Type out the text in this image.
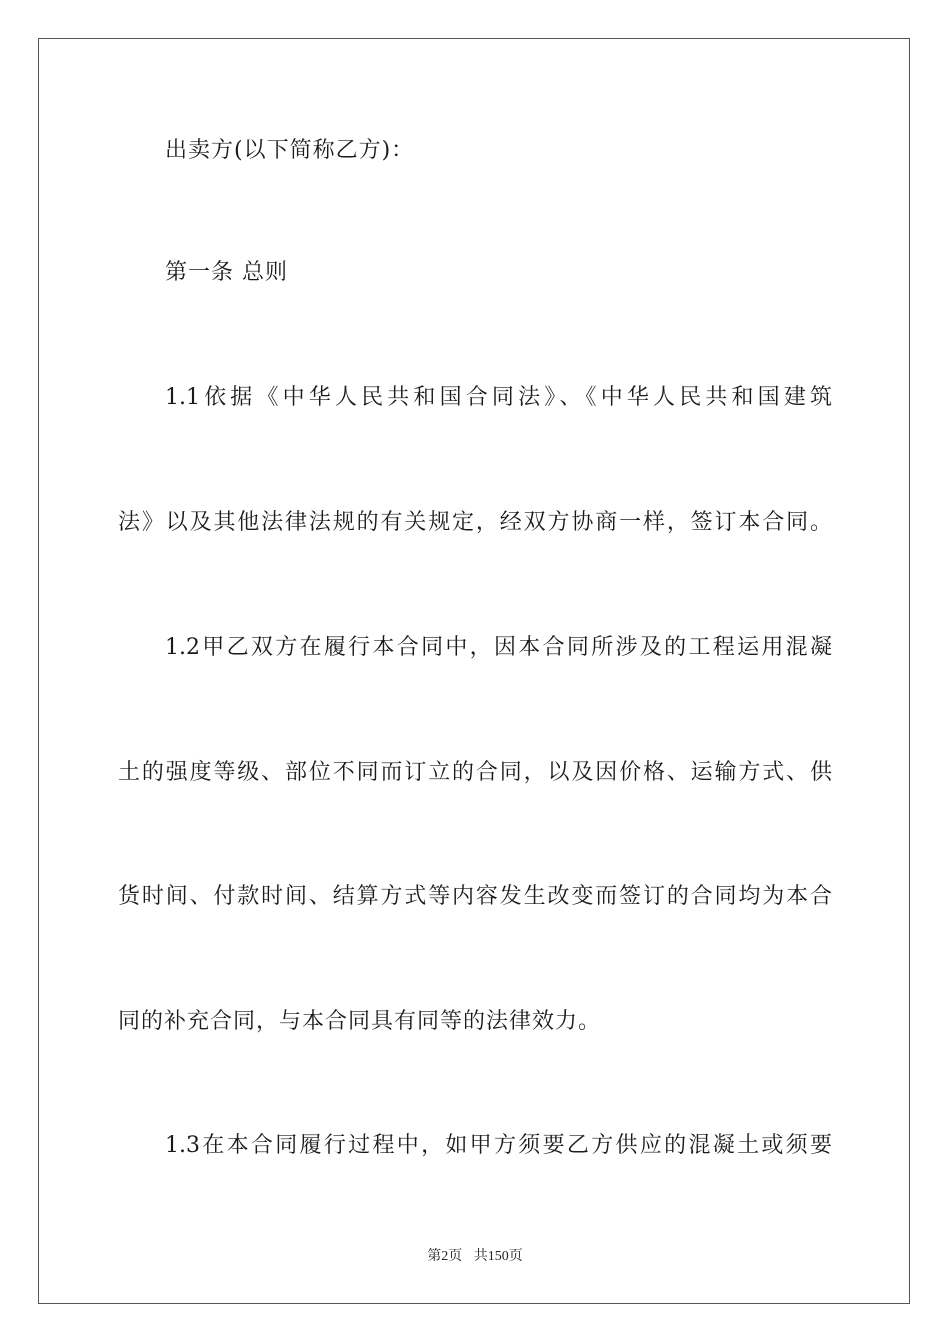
出卖方(以下简称乙方)：
第一条 总则
1.1依据《中华人民共和国合同法》、《中华人民共和国建筑
法》以及其他法律法规的有关规定，经双方协商一样，签订本合同。
1.2甲乙双方在履行本合同中，因本合同所涉及的工程运用混凝
土的强度等级、部位不同而订立的合同，以及因价格、运输方式、供
货时间、付款时间、结算方式等内容发生改变而签订的合同均为本合
同的补充合同，与本合同具有同等的法律效力。
1.3在本合同履行过程中，如甲方须要乙方供应的混凝土或须要
第2页 共150页
